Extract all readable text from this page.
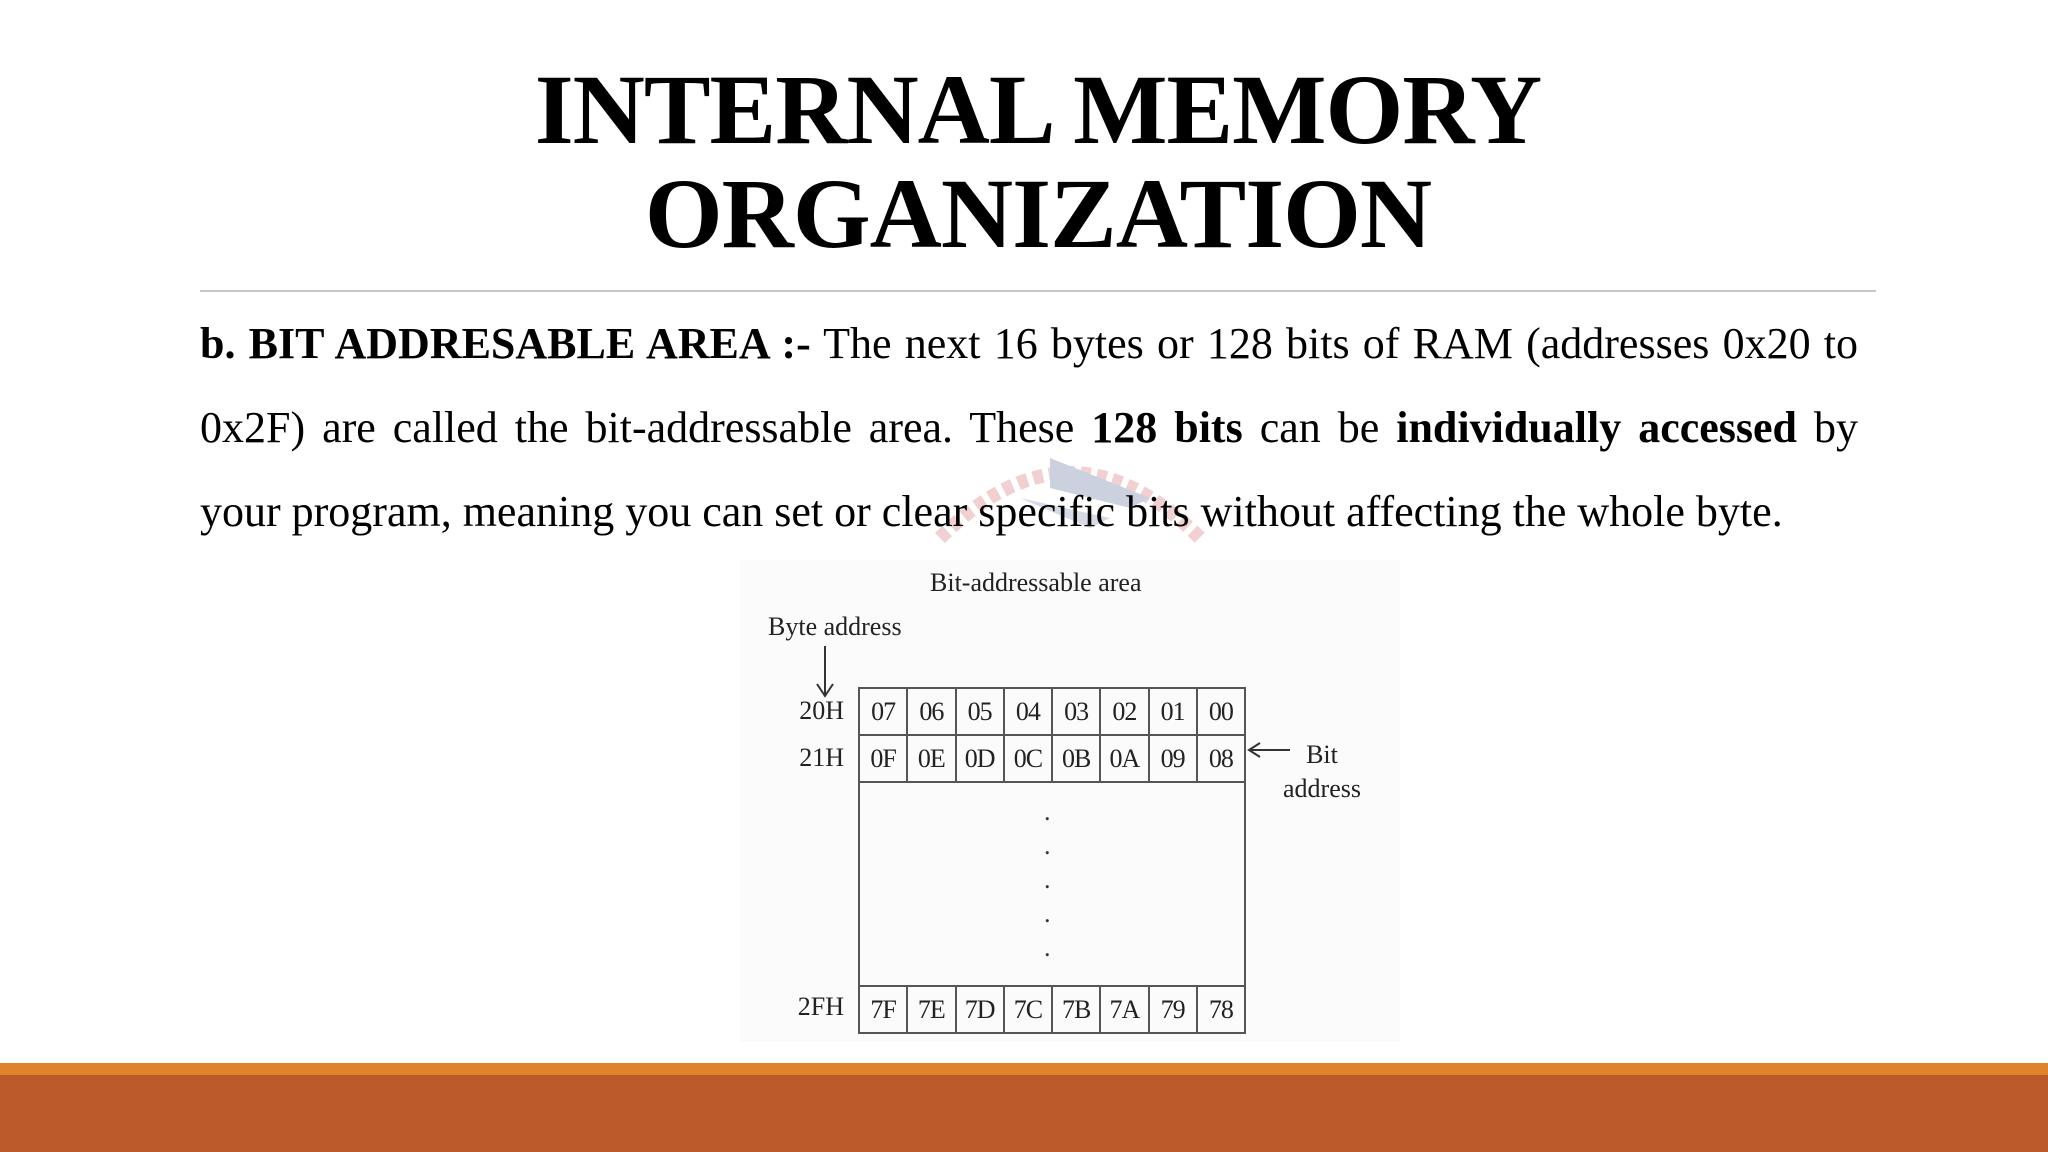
INTERNAL MEMORY
ORGANIZATION

b. BIT ADDRESABLE AREA :- The next 16 bytes or 128 bits of RAM (addresses 0x20 to 0x2F) are called the bit-addressable area. These 128 bits can be individually accessed by your program, meaning you can set or clear specific bits without affecting the whole byte.

Bit-addressable area
Byte address
20H
21H
2FH
07 06 05 04 03 02 01 00
0F 0E 0D 0C 0B 0A 09 08
.
.
.
.
.
7F 7E 7D 7C 7B 7A 79 78
Bit
address
